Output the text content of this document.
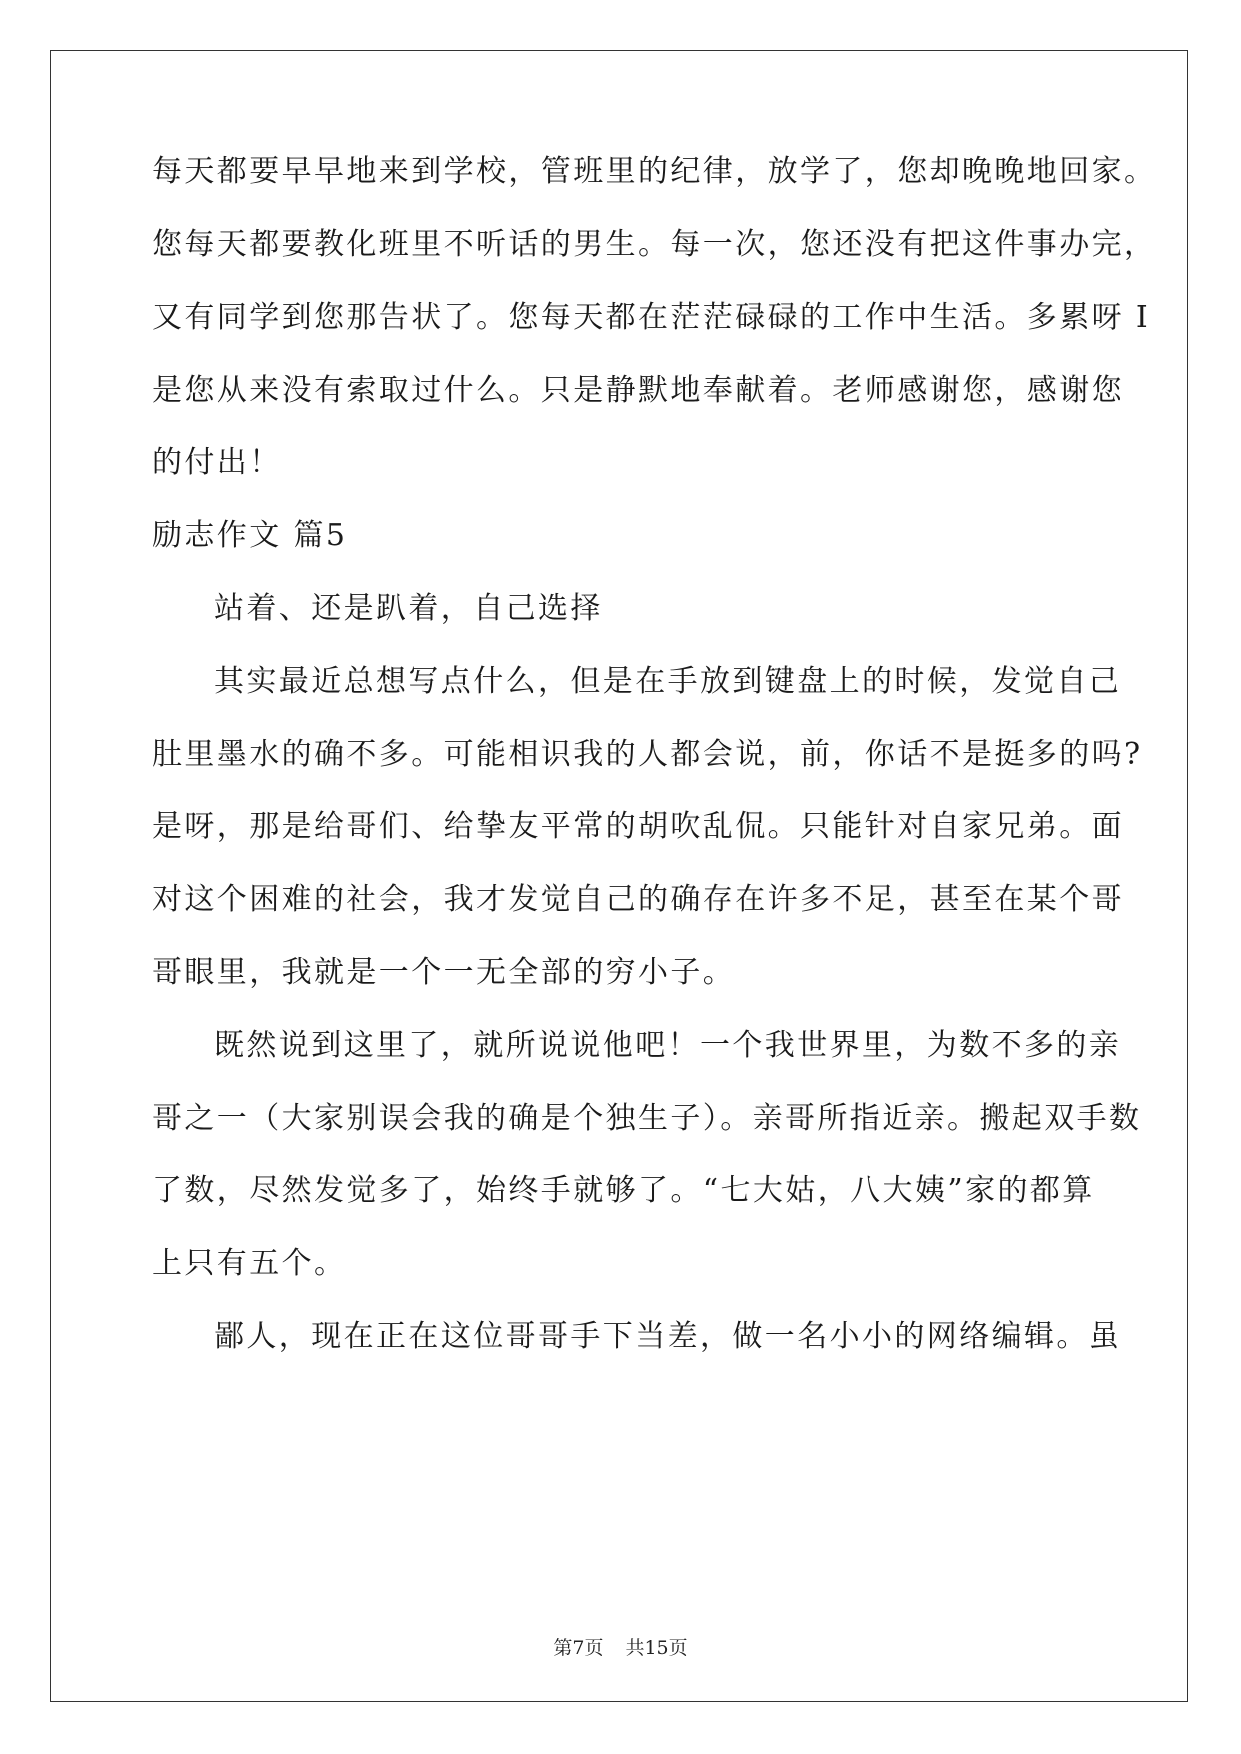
每天都要早早地来到学校，管班里的纪律，放学了，您却晚晚地回家。
您每天都要教化班里不听话的男生。每一次，您还没有把这件事办完，
又有同学到您那告状了。您每天都在茫茫碌碌的工作中生活。多累呀 I
是您从来没有索取过什么。只是静默地奉献着。老师感谢您，感谢您
的付出！
励志作文 篇5
站着、还是趴着，自己选择
其实最近总想写点什么，但是在手放到键盘上的时候，发觉自己
肚里墨水的确不多。可能相识我的人都会说，前，你话不是挺多的吗?
是呀，那是给哥们、给挚友平常的胡吹乱侃。只能针对自家兄弟。面
对这个困难的社会，我才发觉自己的确存在许多不足，甚至在某个哥
哥眼里，我就是一个一无全部的穷小子。
既然说到这里了，就所说说他吧！一个我世界里，为数不多的亲
哥之一（大家别误会我的确是个独生子）。亲哥所指近亲。搬起双手数
了数，尽然发觉多了，始终手就够了。“七大姑，八大姨”家的都算
上只有五个。
鄙人，现在正在这位哥哥手下当差，做一名小小的网络编辑。虽
第7页 共15页
